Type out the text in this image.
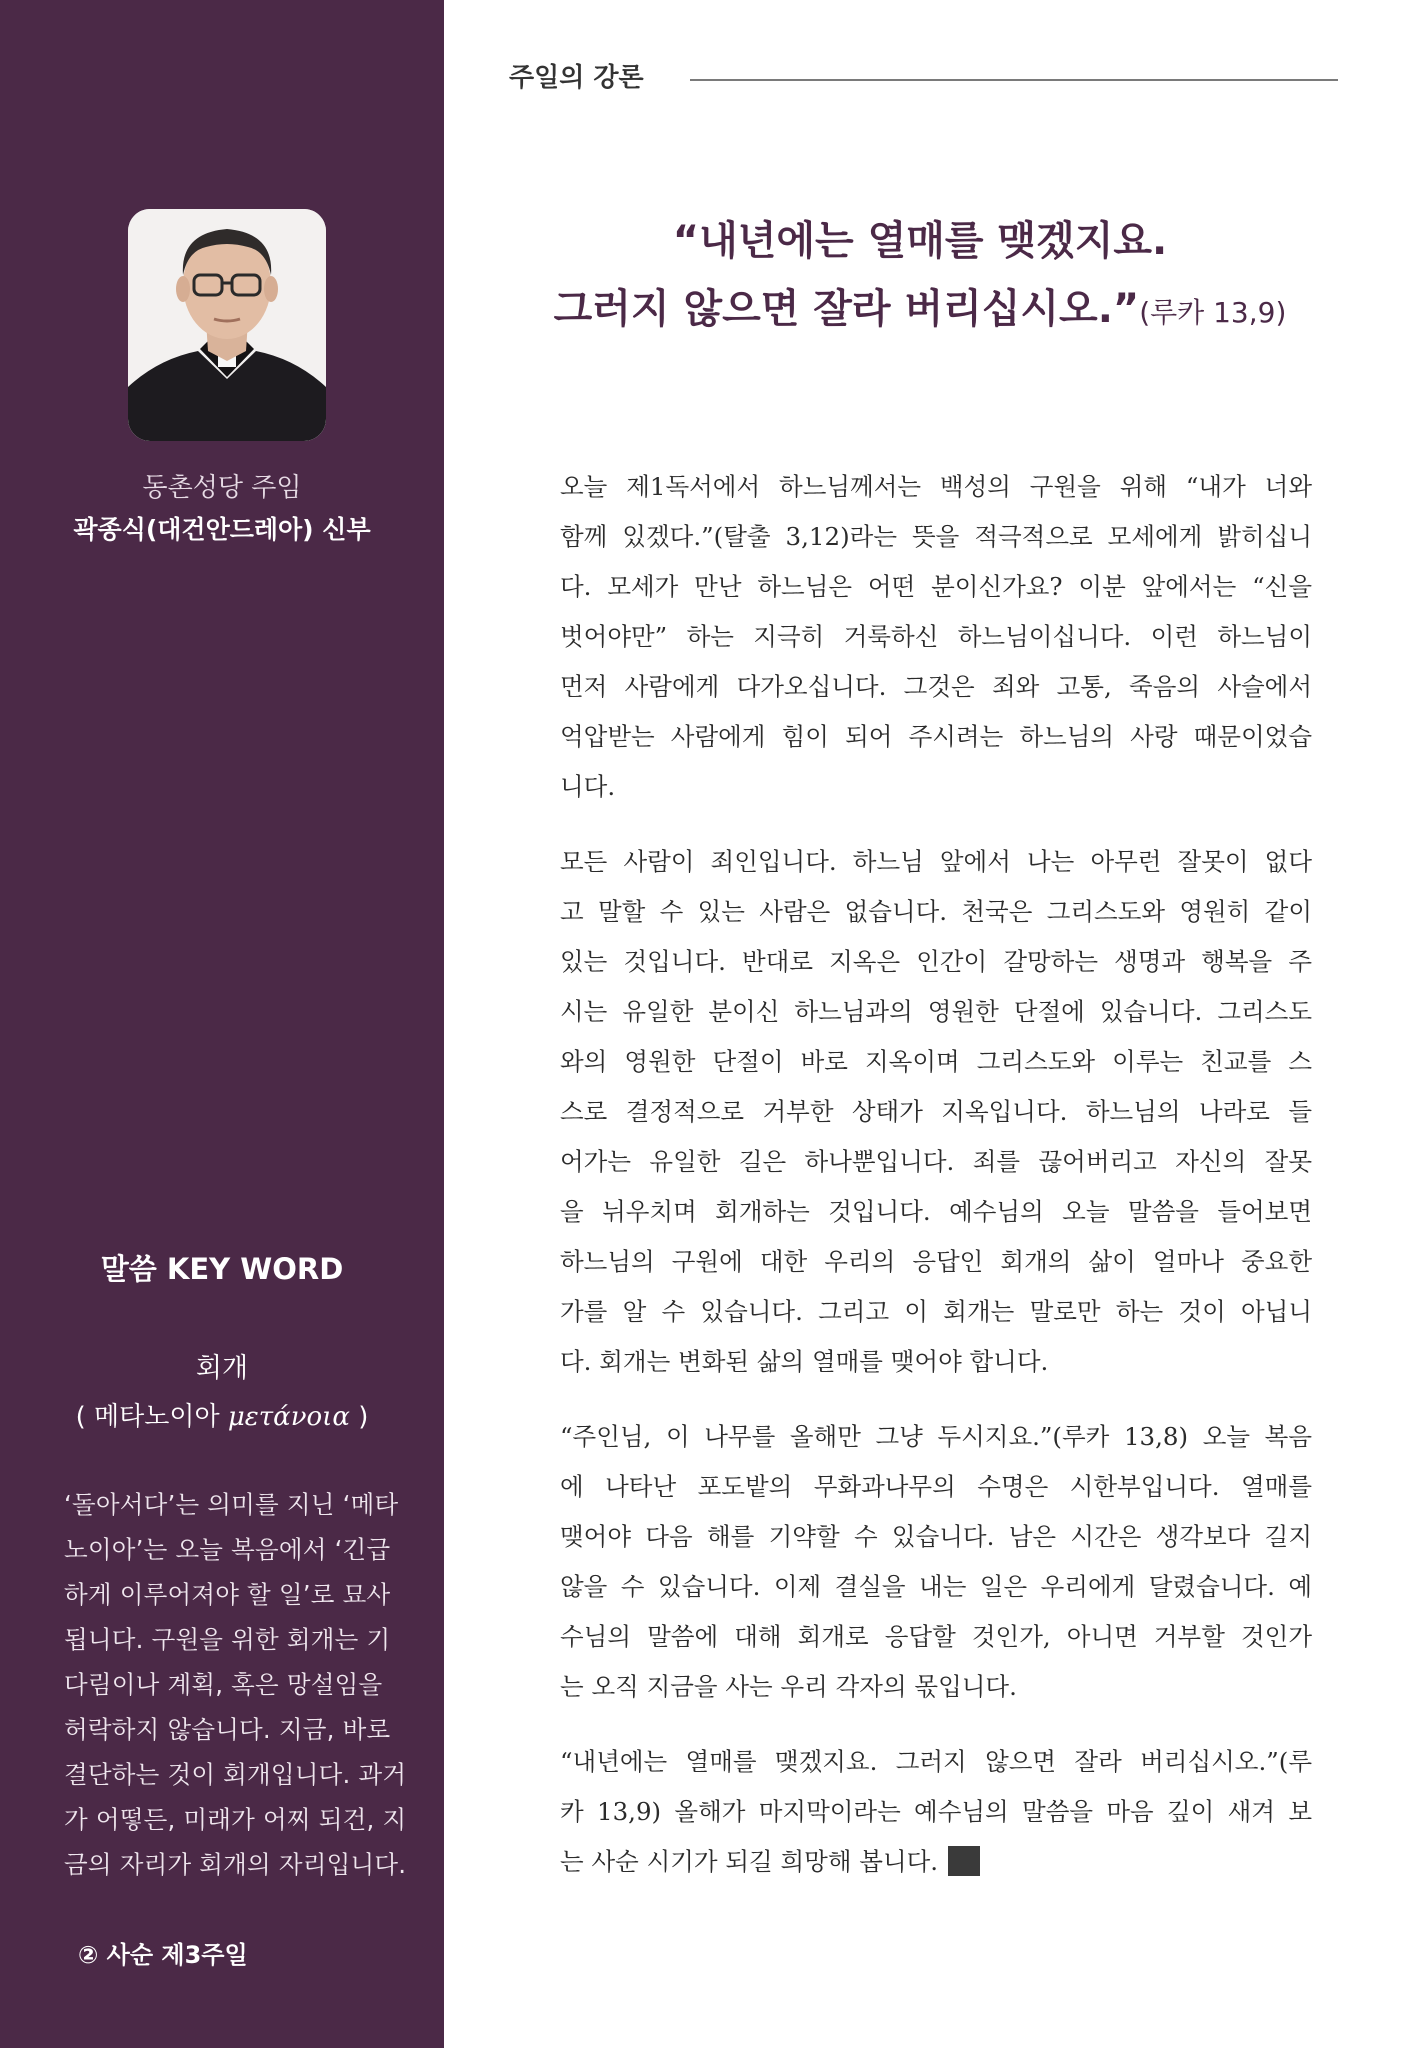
동촌성당 주임
곽종식(대건안드레아) 신부
말씀 KEY WORD
회개
( 메타노이아 μετάνοια )
‘돌아서다’는 의미를 지닌 ‘메타
노이아’는 오늘 복음에서 ‘긴급
하게 이루어져야 할 일’로 묘사
됩니다. 구원을 위한 회개는 기
다림이나 계획, 혹은 망설임을
허락하지 않습니다. 지금, 바로
결단하는 것이 회개입니다. 과거
가 어떻든, 미래가 어찌 되건, 지
금의 자리가 회개의 자리입니다.
② 사순 제3주일
주일의 강론
“내년에는 열매를 맺겠지요.
그러지 않으면 잘라 버리십시오.”(루카 13,9)
오늘 제1독서에서 하느님께서는 백성의 구원을 위해 “내가 너와
함께 있겠다.”(탈출 3,12)라는 뜻을 적극적으로 모세에게 밝히십니
다. 모세가 만난 하느님은 어떤 분이신가요? 이분 앞에서는 “신을
벗어야만” 하는 지극히 거룩하신 하느님이십니다. 이런 하느님이
먼저 사람에게 다가오십니다. 그것은 죄와 고통, 죽음의 사슬에서
억압받는 사람에게 힘이 되어 주시려는 하느님의 사랑 때문이었습
니다.
모든 사람이 죄인입니다. 하느님 앞에서 나는 아무런 잘못이 없다
고 말할 수 있는 사람은 없습니다. 천국은 그리스도와 영원히 같이
있는 것입니다. 반대로 지옥은 인간이 갈망하는 생명과 행복을 주
시는 유일한 분이신 하느님과의 영원한 단절에 있습니다. 그리스도
와의 영원한 단절이 바로 지옥이며 그리스도와 이루는 친교를 스
스로 결정적으로 거부한 상태가 지옥입니다. 하느님의 나라로 들
어가는 유일한 길은 하나뿐입니다. 죄를 끊어버리고 자신의 잘못
을 뉘우치며 회개하는 것입니다. 예수님의 오늘 말씀을 들어보면
하느님의 구원에 대한 우리의 응답인 회개의 삶이 얼마나 중요한
가를 알 수 있습니다. 그리고 이 회개는 말로만 하는 것이 아닙니
다. 회개는 변화된 삶의 열매를 맺어야 합니다.
“주인님, 이 나무를 올해만 그냥 두시지요.”(루카 13,8) 오늘 복음
에 나타난 포도밭의 무화과나무의 수명은 시한부입니다. 열매를
맺어야 다음 해를 기약할 수 있습니다. 남은 시간은 생각보다 길지
않을 수 있습니다. 이제 결실을 내는 일은 우리에게 달렸습니다. 예
수님의 말씀에 대해 회개로 응답할 것인가, 아니면 거부할 것인가
는 오직 지금을 사는 우리 각자의 몫입니다.
“내년에는 열매를 맺겠지요. 그러지 않으면 잘라 버리십시오.”(루
카 13,9) 올해가 마지막이라는 예수님의 말씀을 마음 깊이 새겨 보
는 사순 시기가 되길 희망해 봅니다.
